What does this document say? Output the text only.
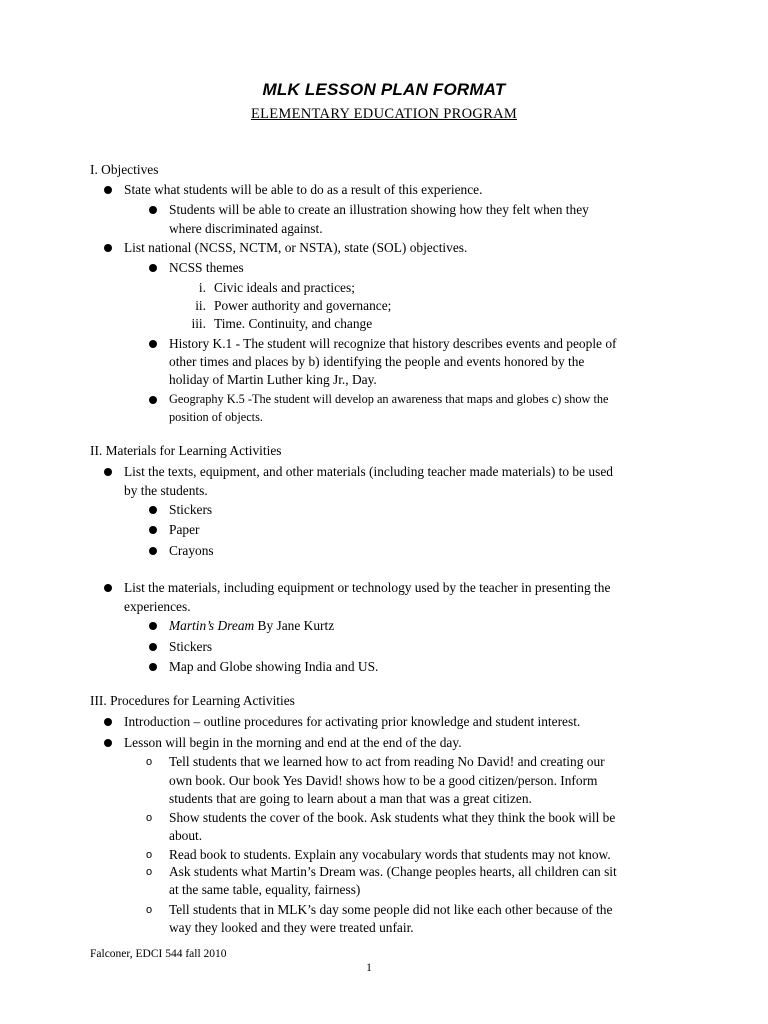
MLK LESSON PLAN FORMAT
ELEMENTARY EDUCATION PROGRAM
I. Objectives
State what students will be able to do as a result of this experience.
Students will be able to create an illustration showing how they felt when they
where discriminated against.
List national (NCSS, NCTM, or NSTA), state (SOL) objectives.
NCSS themes
i. Civic ideals and practices;
ii. Power authority and governance;
iii. Time. Continuity, and change
History K.1 - The student will recognize that history describes events and people of
other times and places by b) identifying the people and events honored by the
holiday of Martin Luther king Jr., Day.
Geography K.5 -The student will develop an awareness that maps and globes c) show the
position of objects.
II. Materials for Learning Activities
List the texts, equipment, and other materials (including teacher made materials) to be used
by the students.
Stickers
Paper
Crayons
List the materials, including equipment or technology used by the teacher in presenting the
experiences.
Martin’s Dream By Jane Kurtz
Stickers
Map and Globe showing India and US.
III. Procedures for Learning Activities
Introduction – outline procedures for activating prior knowledge and student interest.
Lesson will begin in the morning and end at the end of the day.
o Tell students that we learned how to act from reading No David! and creating our
own book. Our book Yes David! shows how to be a good citizen/person. Inform
students that are going to learn about a man that was a great citizen.
o Show students the cover of the book. Ask students what they think the book will be
about.
o Read book to students. Explain any vocabulary words that students may not know.
o Ask students what Martin’s Dream was. (Change peoples hearts, all children can sit
at the same table, equality, fairness)
o Tell students that in MLK’s day some people did not like each other because of the
way they looked and they were treated unfair.
Falconer, EDCI 544 fall 2010
1
